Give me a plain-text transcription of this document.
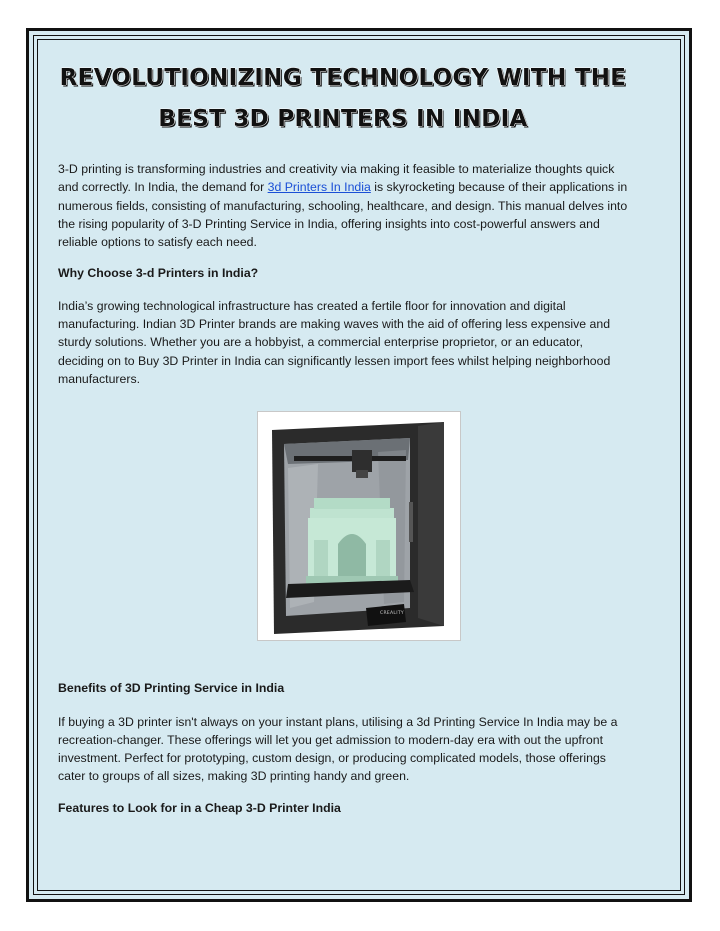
REVOLUTIONIZING TECHNOLOGY WITH THE
BEST 3D PRINTERS IN INDIA

3-D printing is transforming industries and creativity via making it feasible to materialize thoughts quick and correctly. In India, the demand for 3d Printers In India is skyrocketing because of their applications in numerous fields, consisting of manufacturing, schooling, healthcare, and design. This manual delves into the rising popularity of 3-D Printing Service in India, offering insights into cost-powerful answers and reliable options to satisfy each need.

Why Choose 3-d Printers in India?

India’s growing technological infrastructure has created a fertile floor for innovation and digital manufacturing. Indian 3D Printer brands are making waves with the aid of offering less expensive and sturdy solutions. Whether you are a hobbyist, a commercial enterprise proprietor, or an educator, deciding on to Buy 3D Printer in India can significantly lessen import fees whilst helping neighborhood manufacturers.

CREALITY

Benefits of 3D Printing Service in India

If buying a 3D printer isn't always on your instant plans, utilising a 3d Printing Service In India may be a recreation-changer. These offerings will let you get admission to modern-day era with out the upfront investment. Perfect for prototyping, custom design, or producing complicated models, those offerings cater to groups of all sizes, making 3D printing handy and green.

Features to Look for in a Cheap 3-D Printer India
